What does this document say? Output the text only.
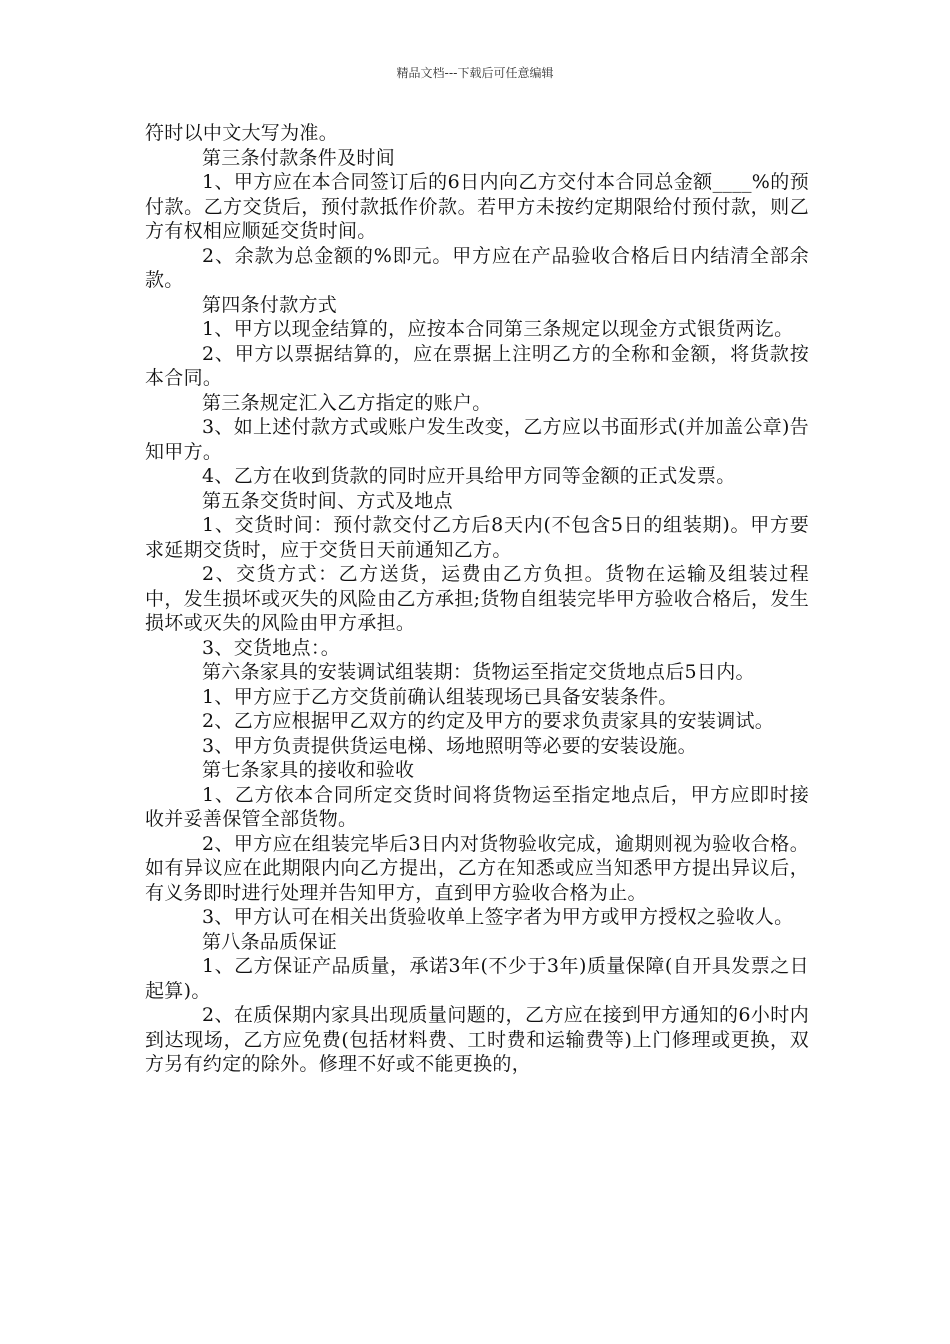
精品文档---下载后可任意编辑

符时以中文大写为准。

第三条付款条件及时间

1、甲方应在本合同签订后的6日内向乙方交付本合同总金额____%的预付款。乙方交货后，预付款抵作价款。若甲方未按约定期限给付预付款，则乙方有权相应顺延交货时间。

2、余款为总金额的%即元。甲方应在产品验收合格后日内结清全部余款。

第四条付款方式

1、甲方以现金结算的，应按本合同第三条规定以现金方式银货两讫。

2、甲方以票据结算的，应在票据上注明乙方的全称和金额，将货款按本合同。

第三条规定汇入乙方指定的账户。

3、如上述付款方式或账户发生改变，乙方应以书面形式(并加盖公章)告知甲方。

4、乙方在收到货款的同时应开具给甲方同等金额的正式发票。

第五条交货时间、方式及地点

1、交货时间：预付款交付乙方后8天内(不包含5日的组装期)。甲方要求延期交货时，应于交货日天前通知乙方。

2、交货方式：乙方送货，运费由乙方负担。货物在运输及组装过程中，发生损坏或灭失的风险由乙方承担;货物自组装完毕甲方验收合格后，发生损坏或灭失的风险由甲方承担。

3、交货地点：。

第六条家具的安装调试组装期：货物运至指定交货地点后5日内。

1、甲方应于乙方交货前确认组装现场已具备安装条件。

2、乙方应根据甲乙双方的约定及甲方的要求负责家具的安装调试。

3、甲方负责提供货运电梯、场地照明等必要的安装设施。

第七条家具的接收和验收

1、乙方依本合同所定交货时间将货物运至指定地点后，甲方应即时接收并妥善保管全部货物。

2、甲方应在组装完毕后3日内对货物验收完成，逾期则视为验收合格。如有异议应在此期限内向乙方提出，乙方在知悉或应当知悉甲方提出异议后，有义务即时进行处理并告知甲方，直到甲方验收合格为止。

3、甲方认可在相关出货验收单上签字者为甲方或甲方授权之验收人。

第八条品质保证

1、乙方保证产品质量，承诺3年(不少于3年)质量保障(自开具发票之日起算)。

2、在质保期内家具出现质量问题的，乙方应在接到甲方通知的6小时内到达现场，乙方应免费(包括材料费、工时费和运输费等)上门修理或更换，双方另有约定的除外。修理不好或不能更换的，
